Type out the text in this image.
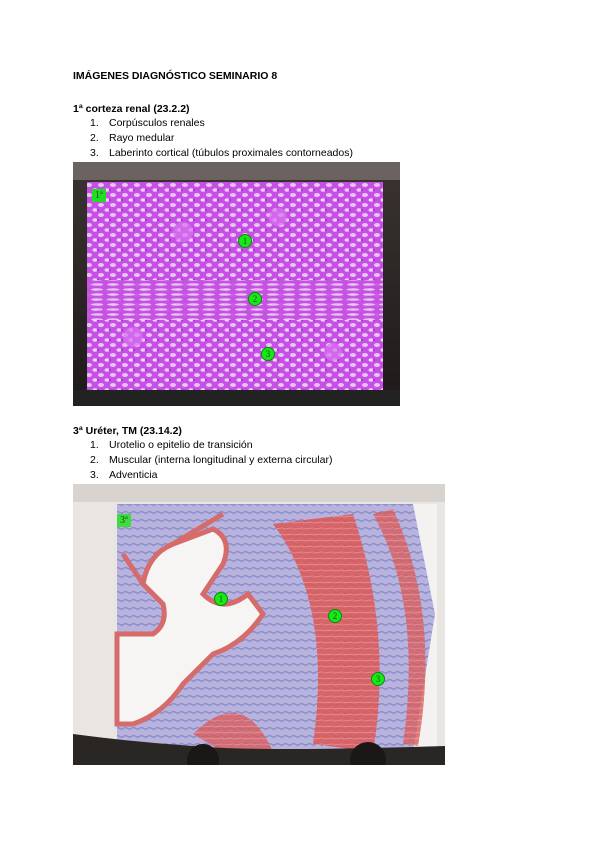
IMÁGENES DIAGNÓSTICO SEMINARIO 8
1ª corteza renal (23.2.2)
1. Corpúsculos renales
2. Rayo medular
3. Laberinto cortical (túbulos proximales contorneados)
1ª
1
2
3
3ª Uréter, TM (23.14.2)
1. Urotelio o epitelio de transición
2. Muscular (interna longitudinal y externa circular)
3. Adventicia
3ª
1
2
3
